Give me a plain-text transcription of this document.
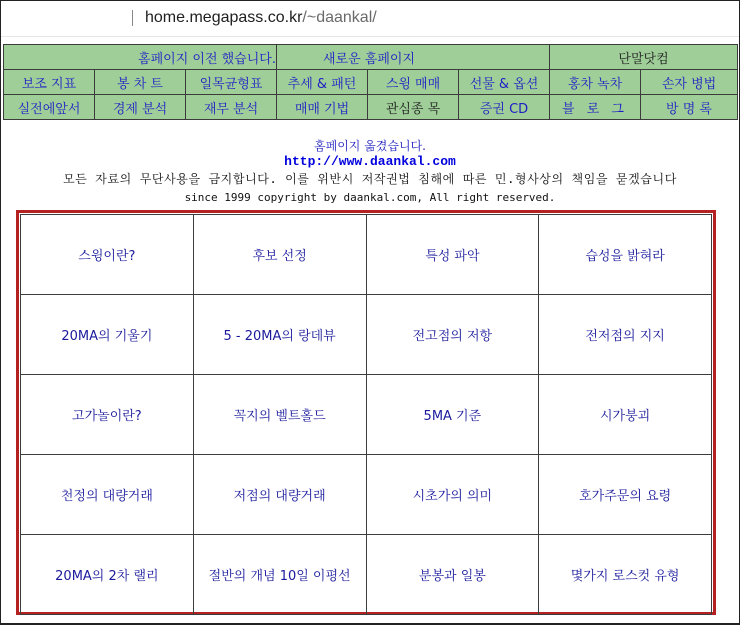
home.megapass.co.kr/~daankal/
홈페이지 이전 했습니다.			새로운 홈페이지			단말닷컴	
보조 지표	봉 차 트	일목균형표	추세 & 패턴	스윙 매매	선물 & 옵션	홍차 녹차	손자 병법
실전에앞서	경제 분석	재무 분석	매매 기법	관심종 목	증권 CD	블 로 그	방 명 록
홈페이지 옮겼습니다.
http://www.daankal.com
모든 자료의 무단사용을 금지합니다. 이를 위반시 저작권법 침해에 따른 민.형사상의 책임을 묻겠습니다
since 1999 copyright by daankal.com, All right reserved.
스윙이란?	후보 선정	특성 파악	습성을 밝혀라
20MA의 기울기	5 - 20MA의 랑데뷰	전고점의 저항	전저점의 지지
고가놀이란?	꼭지의 벨트홀드	5MA 기준	시가붕괴
천정의 대량거래	저점의 대량거래	시초가의 의미	호가주문의 요령
20MA의 2차 랠리	절반의 개념 10일 이평선	분봉과 일봉	몇가지 로스컷 유형
